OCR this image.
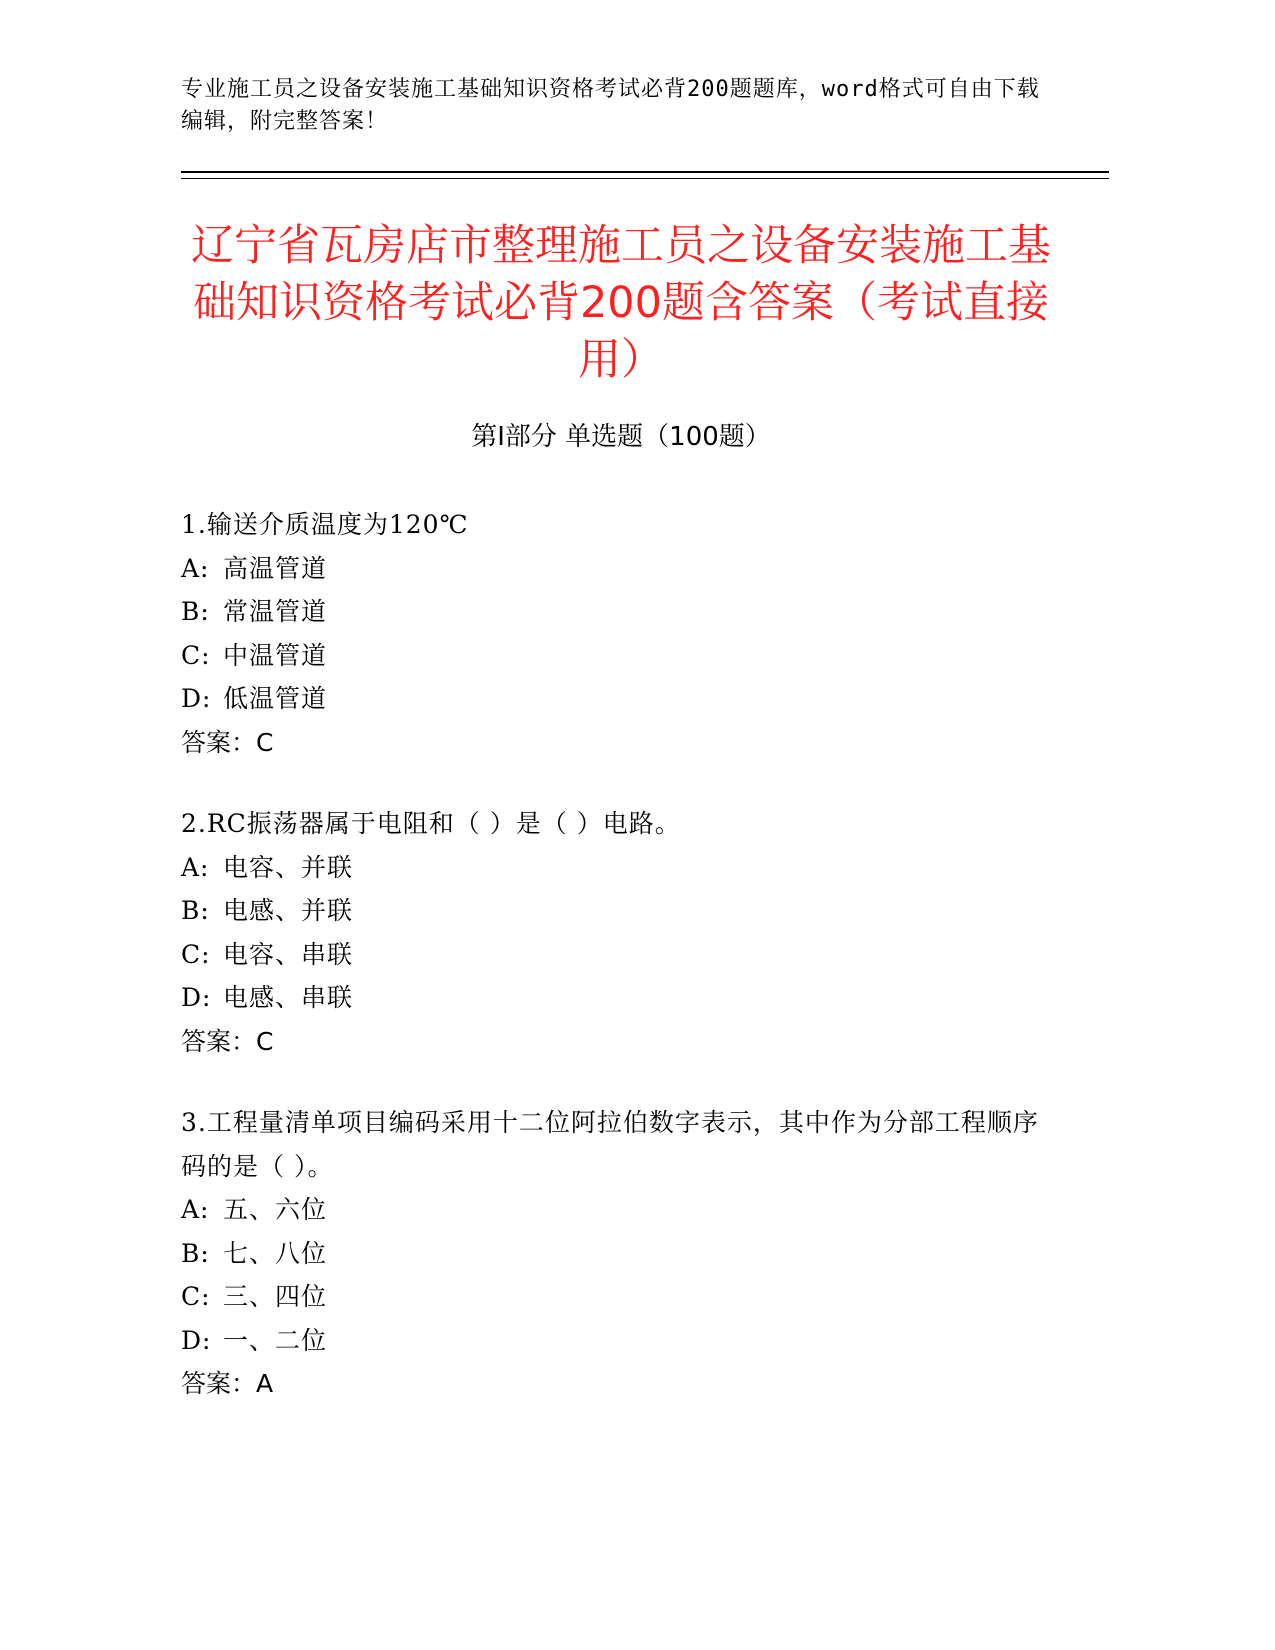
专业施工员之设备安装施工基础知识资格考试必背200题题库，word格式可自由下载编辑，附完整答案！
辽宁省瓦房店市整理施工员之设备安装施工基础知识资格考试必背200题含答案（考试直接用）
第Ⅰ部分 单选题（100题）
1.输送介质温度为120℃
A: 高温管道
B: 常温管道
C: 中温管道
D: 低温管道
答案：C
2.RC振荡器属于电阻和（ ）是（ ）电路。
A: 电容、并联
B: 电感、并联
C: 电容、串联
D: 电感、串联
答案：C
3.工程量清单项目编码采用十二位阿拉伯数字表示，其中作为分部工程顺序码的是（ ）。
A: 五、六位
B: 七、八位
C: 三、四位
D: 一、二位
答案：A
